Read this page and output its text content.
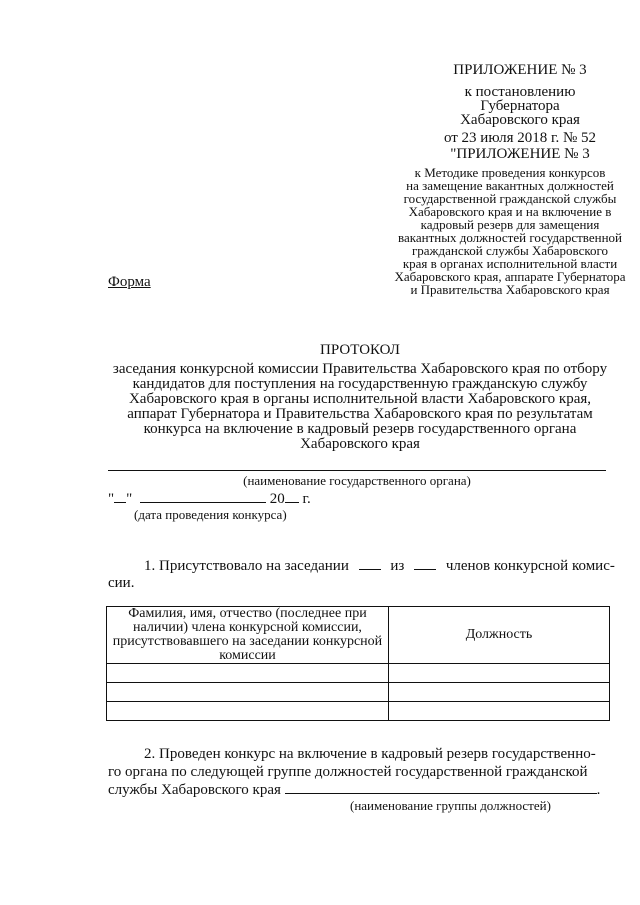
ПРИЛОЖЕНИЕ № 3
к постановлению
Губернатора
Хабаровского края
от 23 июля 2018 г. № 52
"ПРИЛОЖЕНИЕ № 3
к Методике проведения конкурсов
на замещение вакантных должностей
государственной гражданской службы
Хабаровского края и на включение в
кадровый резерв для замещения
вакантных должностей государственной
гражданской службы Хабаровского
края в органах исполнительной власти
Хабаровского края, аппарате Губернатора
и Правительства Хабаровского края
Форма
ПРОТОКОЛ
заседания конкурсной комиссии Правительства Хабаровского края по отбору
кандидатов для поступления на государственную гражданскую службу
Хабаровского края в органы исполнительной власти Хабаровского края,
аппарат Губернатора и Правительства Хабаровского края по результатам
конкурса на включение в кадровый резерв государственного органа
Хабаровского края
(наименование государственного органа)
" "	20 г.
(дата проведения конкурса)
1. Присутствовало на заседании	из	членов конкурсной комис-
сии.
Фамилия, имя, отчество (последнее при наличии) члена конкурсной комиссии, присутствовавшего на заседании конкурсной комиссии	Должность

2. Проведен конкурс на включение в кадровый резерв государственно-
го органа по следующей группе должностей государственной гражданской
службы Хабаровского края	.
(наименование группы должностей)
